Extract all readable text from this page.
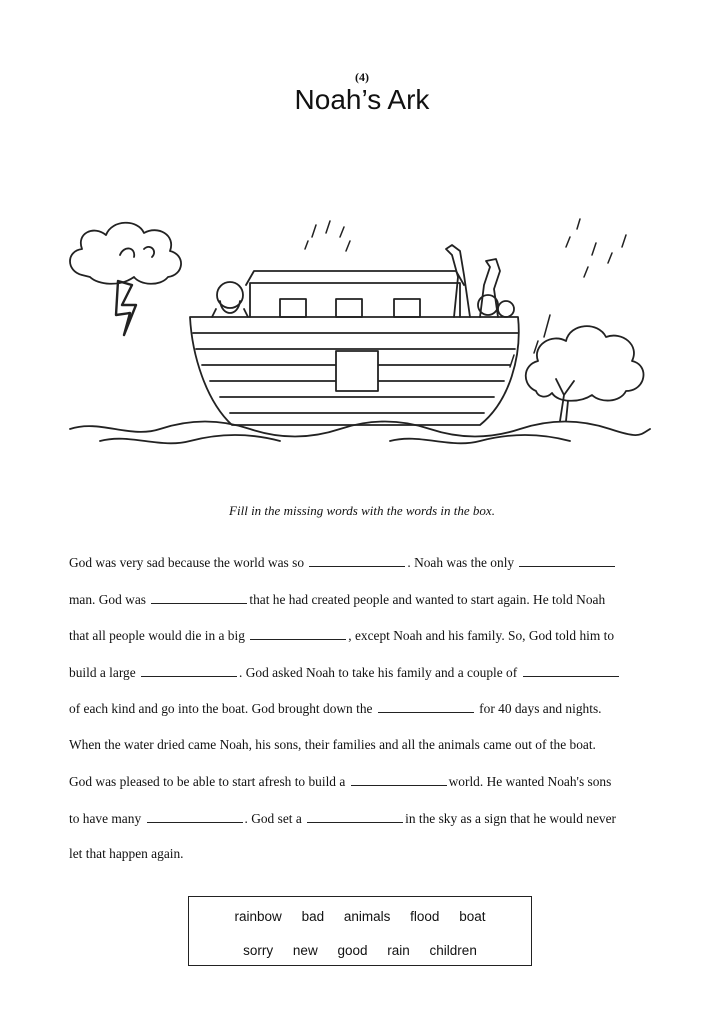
(4)
Noah’s Ark
Fill in the missing words with the words in the box.
God was very sad because the world was so	. Noah was the only
man. God was	that he had created people and wanted to start again. He told Noah
that all people would die in a big	, except Noah and his family. So, God told him to
build a large	. God asked Noah to take his family and a couple of
of each kind and go into the boat. God brought down the	for 40 days and nights.
When the water dried came Noah, his sons, their families and all the animals came out of the boat.
God was pleased to be able to start afresh to build a	world. He wanted Noah's sons
to have many	. God set a	in the sky as a sign that he would never
let that happen again.
rainbow bad animals flood boat
sorry new good rain children
